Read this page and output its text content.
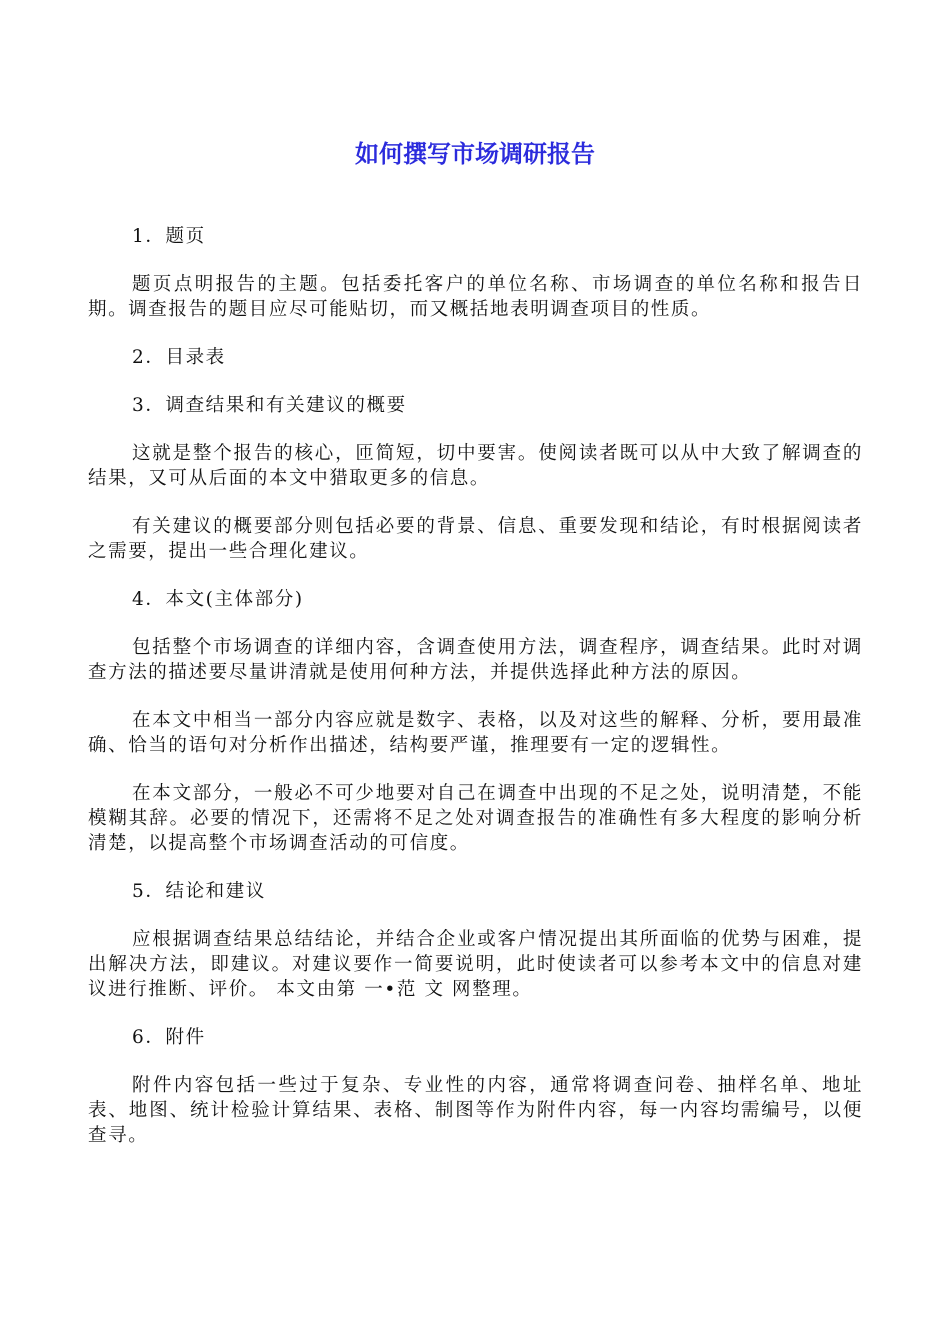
如何撰写市场调研报告
1．题页
题页点明报告的主题。包括委托客户的单位名称、市场调查的单位名称和报告日期。调查报告的题目应尽可能贴切，而又概括地表明调查项目的性质。
2．目录表
3．调查结果和有关建议的概要
这就是整个报告的核心，匝简短，切中要害。使阅读者既可以从中大致了解调查的结果，又可从后面的本文中猎取更多的信息。
有关建议的概要部分则包括必要的背景、信息、重要发现和结论，有时根据阅读者之需要，提出一些合理化建议。
4．本文(主体部分)
包括整个市场调查的详细内容，含调查使用方法，调查程序，调查结果。此时对调查方法的描述要尽量讲清就是使用何种方法，并提供选择此种方法的原因。
在本文中相当一部分内容应就是数字、表格，以及对这些的解释、分析，要用最准确、恰当的语句对分析作出描述，结构要严谨，推理要有一定的逻辑性。
在本文部分，一般必不可少地要对自己在调查中出现的不足之处，说明清楚，不能模糊其辞。必要的情况下，还需将不足之处对调查报告的准确性有多大程度的影响分析清楚，以提高整个市场调查活动的可信度。
5．结论和建议
应根据调查结果总结结论，并结合企业或客户情况提出其所面临的优势与困难，提出解决方法，即建议。对建议要作一简要说明，此时使读者可以参考本文中的信息对建议进行推断、评价。 本文由第 一•范 文 网整理。
6．附件
附件内容包括一些过于复杂、专业性的内容，通常将调查问卷、抽样名单、地址表、地图、统计检验计算结果、表格、制图等作为附件内容，每一内容均需编号，以便查寻。
